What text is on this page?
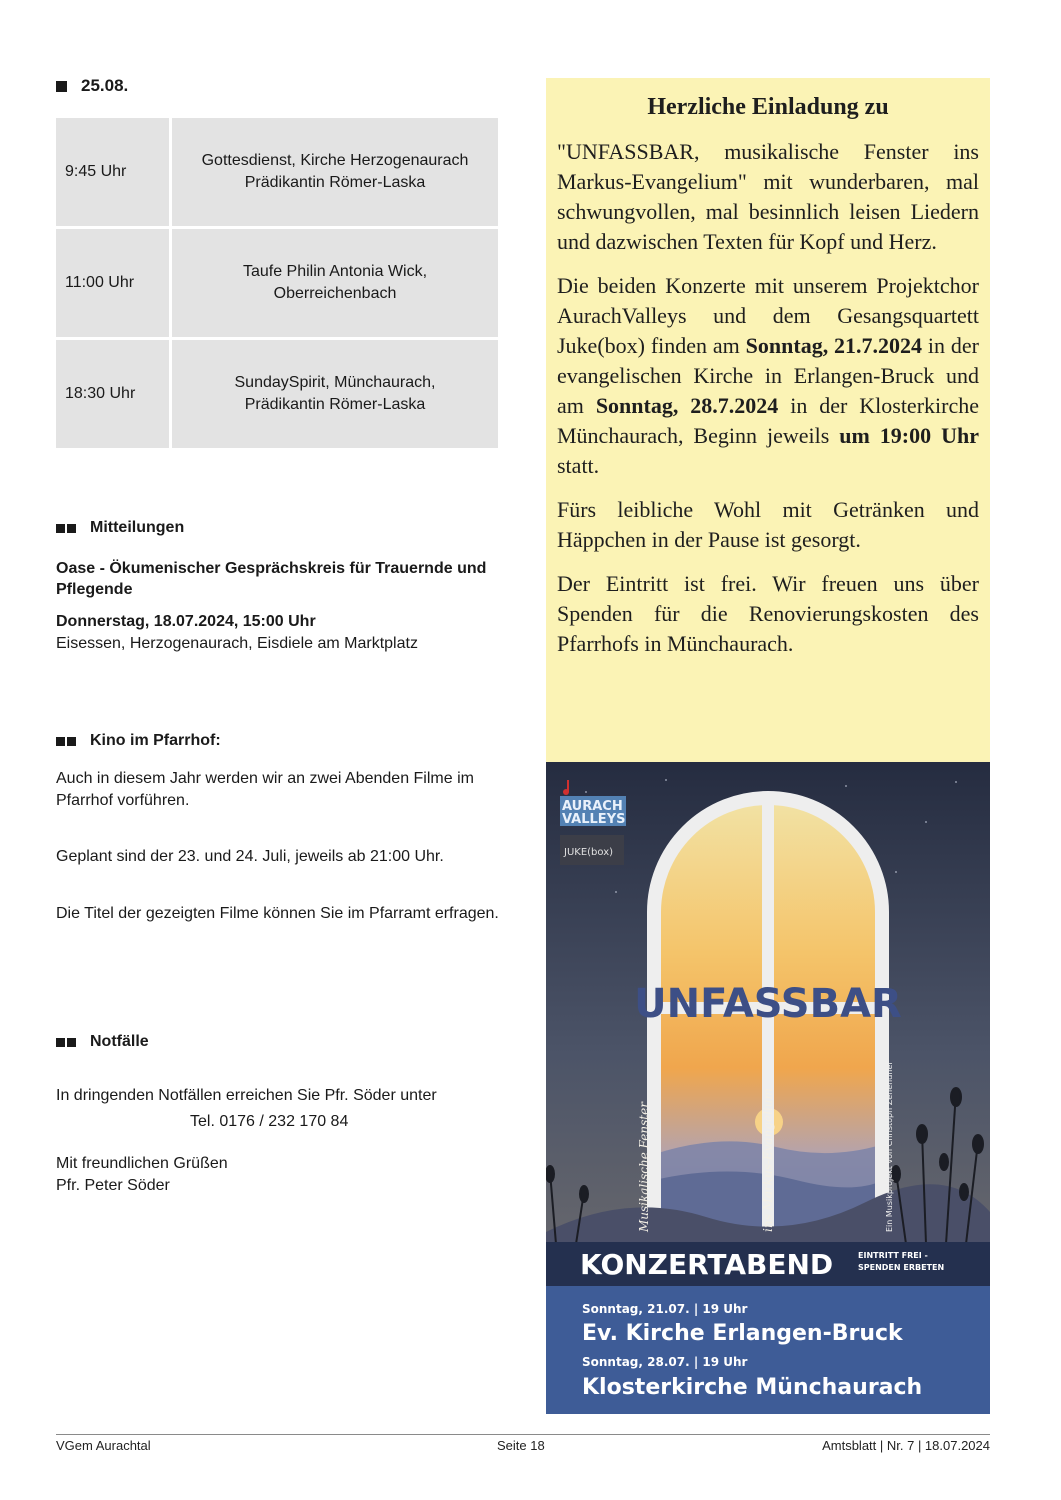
25.08.
9:45 Uhr
Gottesdienst, Kirche Herzogenaurach
Prädikantin Römer-Laska
11:00 Uhr
Taufe Philin Antonia Wick,
Oberreichenbach
18:30 Uhr
SundaySpirit, Münchaurach,
Prädikantin Römer-Laska
Mitteilungen
Oase - Ökumenischer Gesprächskreis für Trauernde und Pflegende
Donnerstag, 18.07.2024, 15:00 Uhr
Eisessen, Herzogenaurach, Eisdiele am Marktplatz
Kino im Pfarrhof:
Auch in diesem Jahr werden wir an zwei Abenden Filme im Pfarrhof vorführen.
Geplant sind der 23. und 24. Juli, jeweils ab 21:00 Uhr.
Die Titel der gezeigten Filme können Sie im Pfarramt erfragen.
Notfälle
In dringenden Notfällen erreichen Sie Pfr. Söder unter
Tel. 0176 / 232 170 84
Mit freundlichen Grüßen
Pfr. Peter Söder
Herzliche Einladung zu

"UNFASSBAR, musikalische Fenster ins Markus-Evangelium" mit wunderbaren, mal schwungvollen, mal besinnlich leisen Liedern und dazwischen Texten für Kopf und Herz.

Die beiden Konzerte mit unserem Projektchor AurachValleys und dem Gesangsquartett Juke(box) finden am Sonntag, 21.7.2024 in der evangelischen Kirche in Erlangen-Bruck und am Sonntag, 28.7.2024 in der Klosterkirche Münchaurach, Beginn jeweils um 19:00 Uhr statt.

Fürs leibliche Wohl mit Getränken und Häppchen in der Pause ist gesorgt.

Der Eintritt ist frei. Wir freuen uns über Spenden für die Renovierungskosten des Pfarrhofs in Münchaurach.

AURACH
VALLEYS
JUKE(box)
UNFASSBAR
Musikalische Fenster	ins Markus-Evangelium	Ein Musikprojekt von Christoph Zehendner
KONZERTABEND	EINTRITT FREI -
SPENDEN ERBETEN
Sonntag, 21.07. | 19 Uhr
Ev. Kirche Erlangen-Bruck
Sonntag, 28.07. | 19 Uhr
Klosterkirche Münchaurach
VGem Aurachtal	Seite 18	Amtsblatt | Nr. 7 | 18.07.2024
